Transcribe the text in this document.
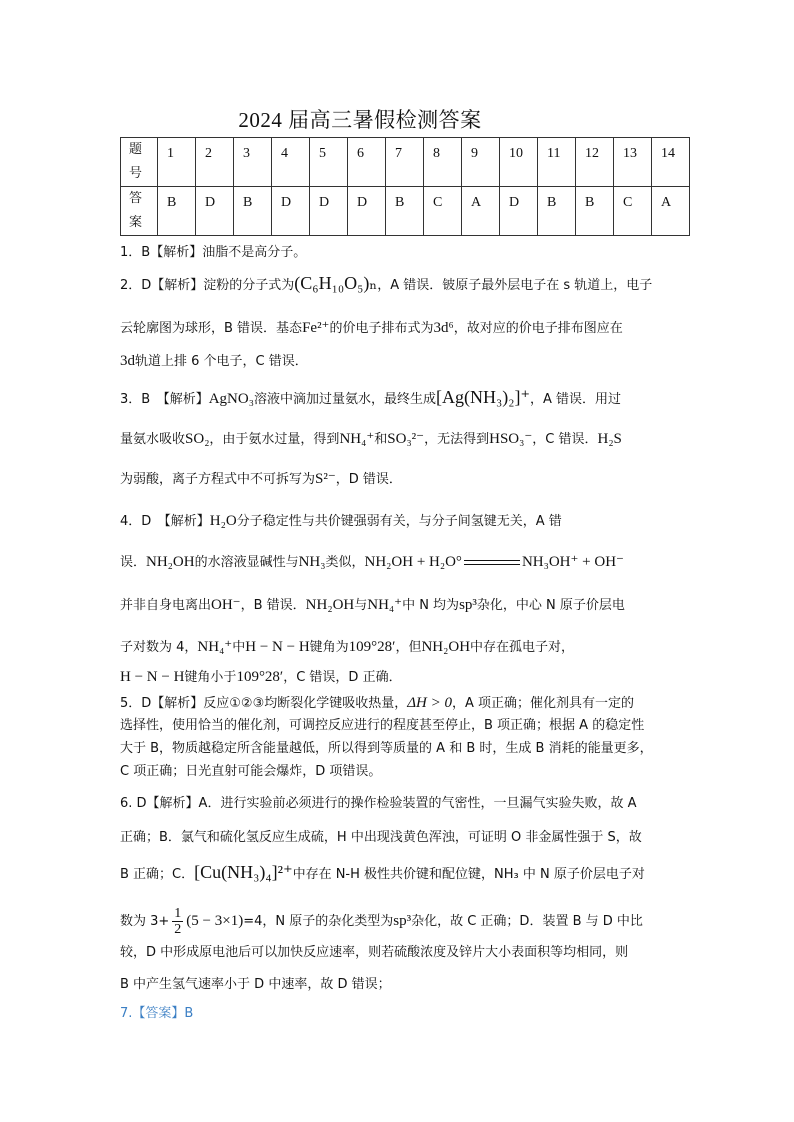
2024 届高三暑假检测答案
题
号	1	2	3	4	5	6	7	8	9	10	11	12	13	14
答
案	B	D	B	D	D	D	B	C	A	D	B	B	C	A
1．B【解析】油脂不是高分子。
2．D【解析】淀粉的分子式为(C₆H₁₀O₅)ₙ，A 错误．铍原子最外层电子在 s 轨道上，电子
云轮廓图为球形，B 错误．基态Fe²⁺的价电子排布式为3d⁶，故对应的价电子排布图应在
3d轨道上排 6 个电子，C 错误．
3．B　【解析】AgNO₃溶液中滴加过量氨水，最终生成[Ag(NH₃)₂]⁺，A 错误．用过
量氨水吸收SO₂，由于氨水过量，得到NH₄⁺和SO₃²⁻，无法得到HSO₃⁻，C 错误．H₂S
为弱酸，离子方程式中不可拆写为S²⁻，D 错误．
4．D　【解析】H₂O分子稳定性与共价键强弱有关，与分子间氢键无关，A 错
误．NH₂OH的水溶液显碱性与NH₃类似，NH₂OH + H₂O°	NH₃OH⁺ + OH⁻
并非自身电离出OH⁻，B 错误．NH₂OH与NH₄⁺中 N 均为sp³杂化，中心 N 原子价层电
子对数为 4，NH₄⁺中H − N − H键角为109°28′，但NH₂OH中存在孤电子对，
H − N − H键角小于109°28′，C 错误，D 正确．
5．D【解析】反应①②③均断裂化学键吸收热量，ΔH > 0，A 项正确；催化剂具有一定的
选择性，使用恰当的催化剂，可调控反应进行的程度甚至停止，B 项正确；根据 A 的稳定性
大于 B，物质越稳定所含能量越低，所以得到等质量的 A 和 B 时，生成 B 消耗的能量更多，
C 项正确；日光直射可能会爆炸，D 项错误。
6. D【解析】A．进行实验前必须进行的操作检验装置的气密性，一旦漏气实验失败，故 A
正确；B．氯气和硫化氢反应生成硫，H 中出现浅黄色浑浊，可证明 O 非金属性强于 S，故
B 正确；C．[Cu(NH₃)₄]²⁺中存在 N-H 极性共价键和配位键，NH₃ 中 N 原子价层电子对
数为 $3+ \frac{1}{2} (5 - 3\times 1)=4$，N 原子的杂化类型为sp³杂化，故 C 正确；D．装置 B 与 D 中比
较，D 中形成原电池后可以加快反应速率，则若硫酸浓度及锌片大小表面积等均相同，则
B 中产生氢气速率小于 D 中速率，故 D 错误；
7.【答案】B
